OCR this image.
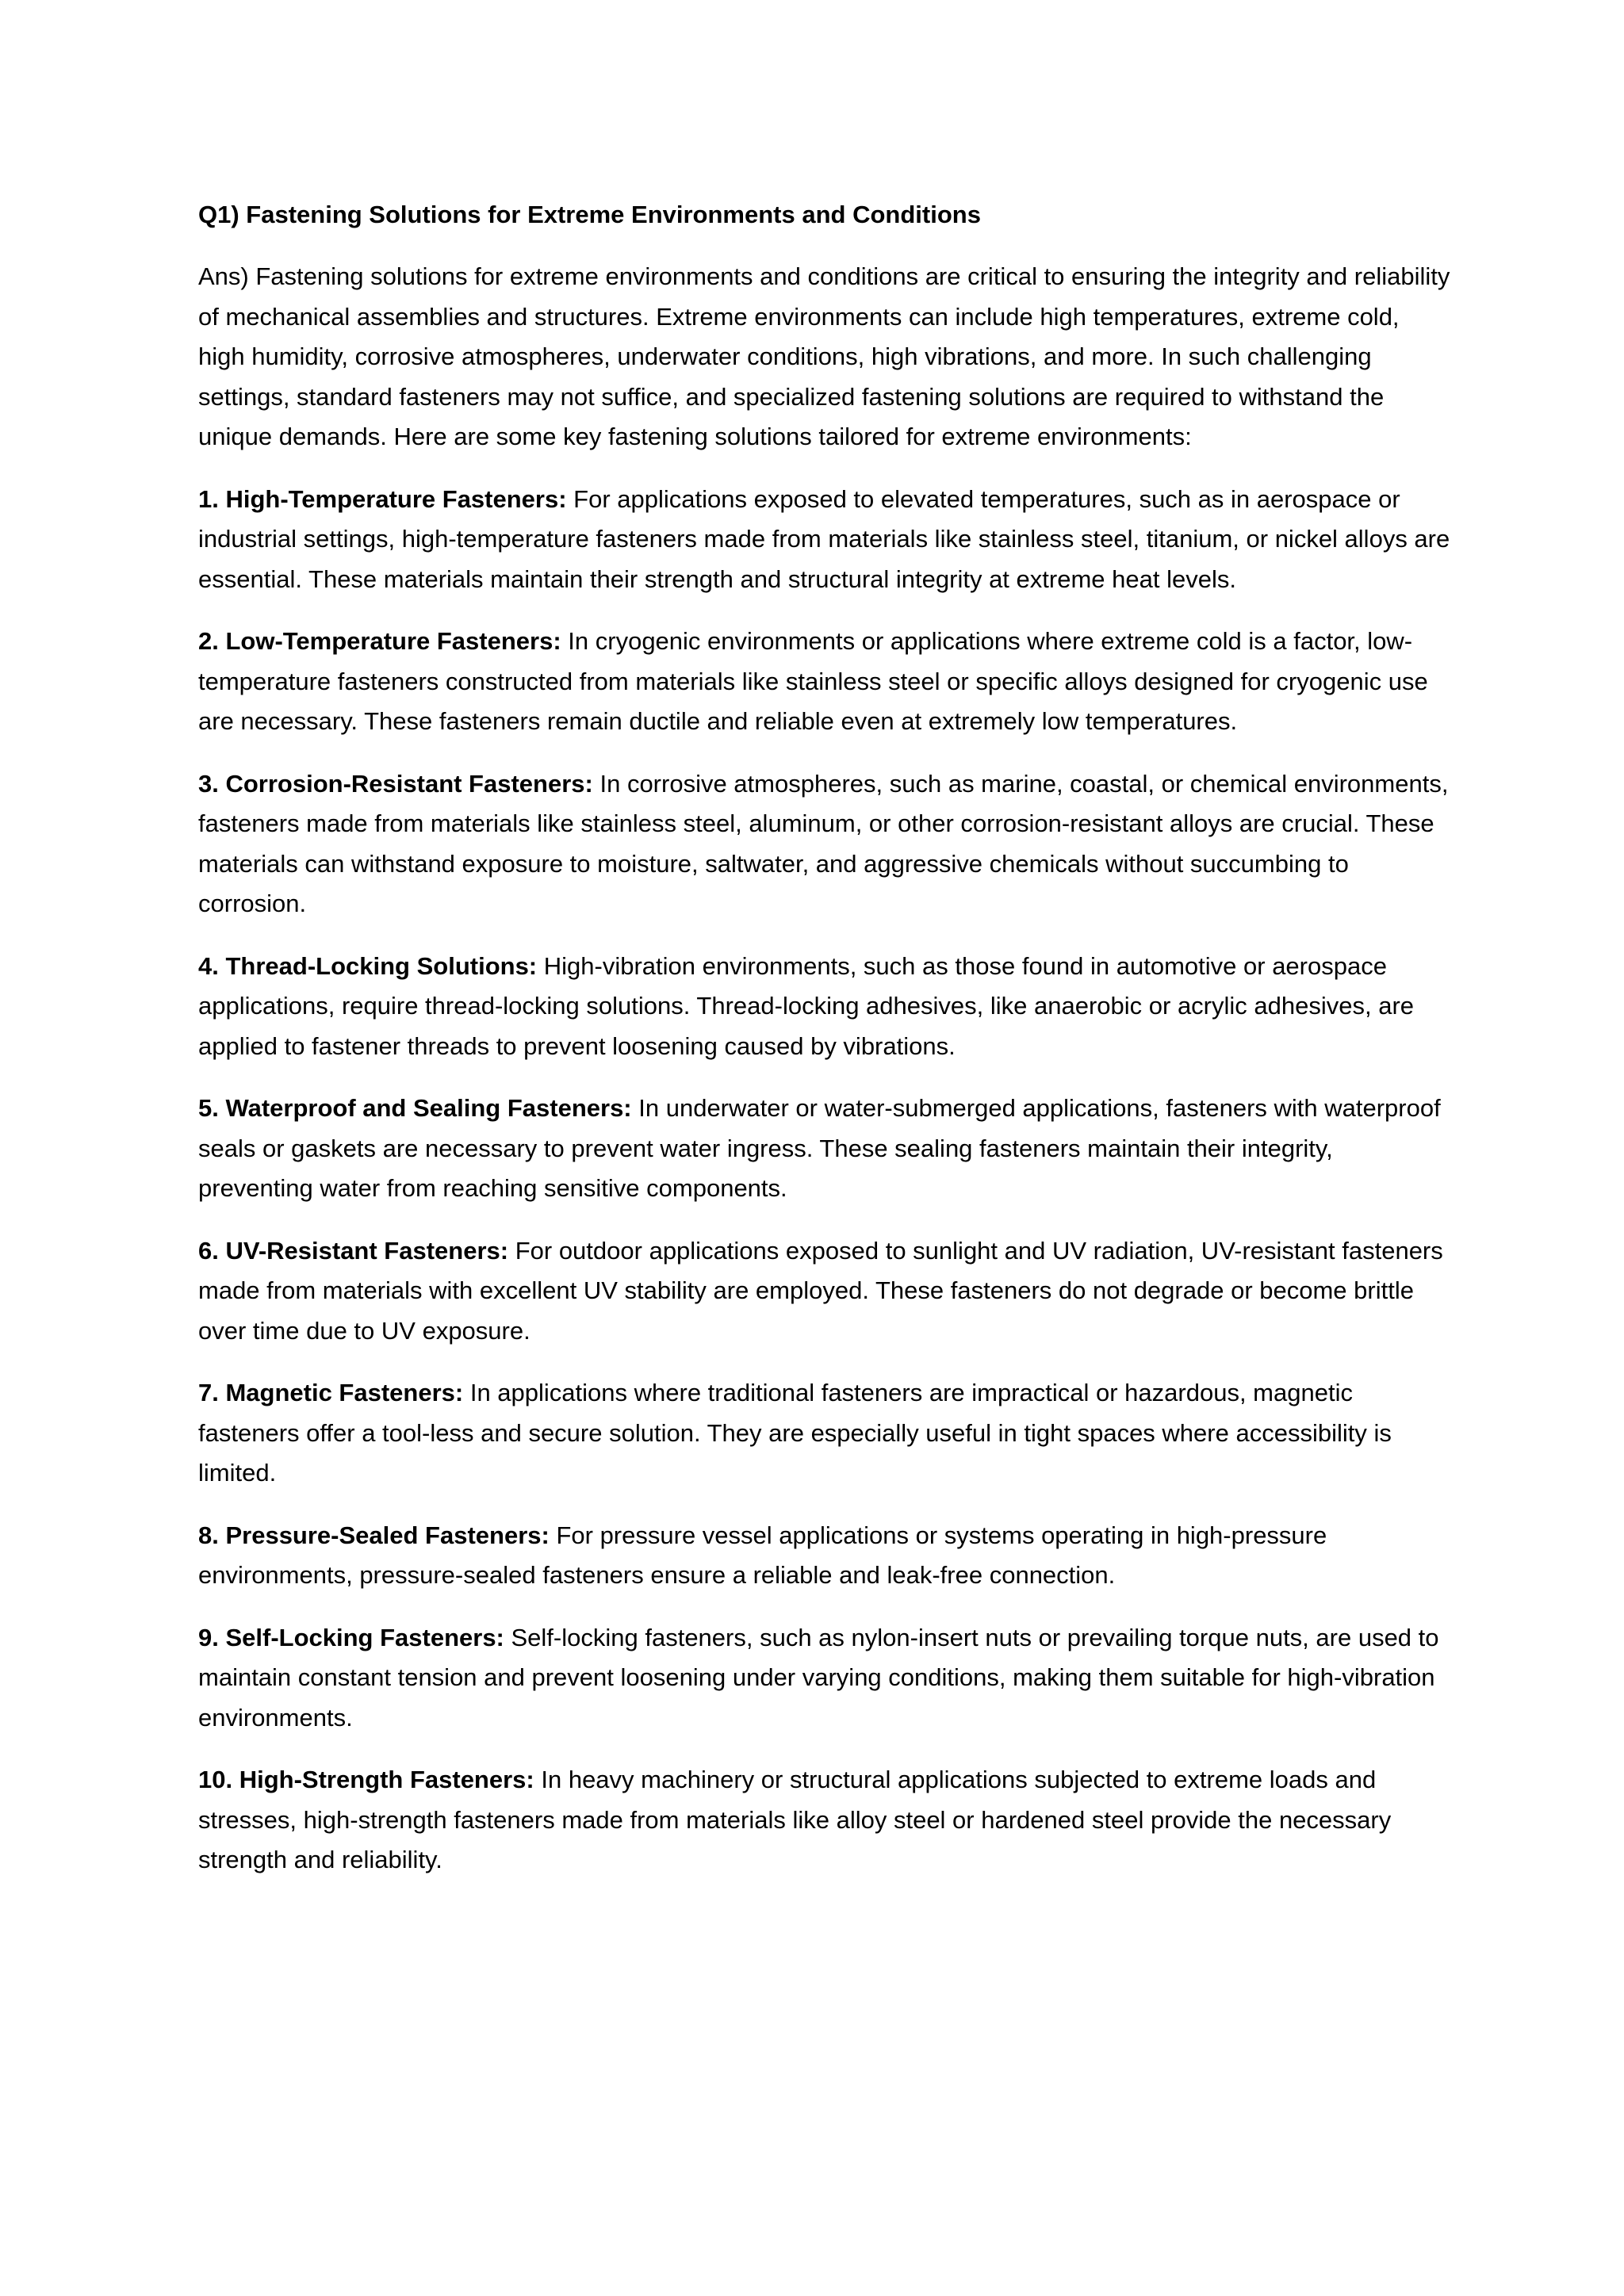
Q1) Fastening Solutions for Extreme Environments and Conditions
Ans) Fastening solutions for extreme environments and conditions are critical to ensuring the integrity and reliability of mechanical assemblies and structures. Extreme environments can include high temperatures, extreme cold, high humidity, corrosive atmospheres, underwater conditions, high vibrations, and more. In such challenging settings, standard fasteners may not suffice, and specialized fastening solutions are required to withstand the unique demands. Here are some key fastening solutions tailored for extreme environments:
1. High-Temperature Fasteners: For applications exposed to elevated temperatures, such as in aerospace or industrial settings, high-temperature fasteners made from materials like stainless steel, titanium, or nickel alloys are essential. These materials maintain their strength and structural integrity at extreme heat levels.
2. Low-Temperature Fasteners: In cryogenic environments or applications where extreme cold is a factor, low-temperature fasteners constructed from materials like stainless steel or specific alloys designed for cryogenic use are necessary. These fasteners remain ductile and reliable even at extremely low temperatures.
3. Corrosion-Resistant Fasteners: In corrosive atmospheres, such as marine, coastal, or chemical environments, fasteners made from materials like stainless steel, aluminum, or other corrosion-resistant alloys are crucial. These materials can withstand exposure to moisture, saltwater, and aggressive chemicals without succumbing to corrosion.
4. Thread-Locking Solutions: High-vibration environments, such as those found in automotive or aerospace applications, require thread-locking solutions. Thread-locking adhesives, like anaerobic or acrylic adhesives, are applied to fastener threads to prevent loosening caused by vibrations.
5. Waterproof and Sealing Fasteners: In underwater or water-submerged applications, fasteners with waterproof seals or gaskets are necessary to prevent water ingress. These sealing fasteners maintain their integrity, preventing water from reaching sensitive components.
6. UV-Resistant Fasteners: For outdoor applications exposed to sunlight and UV radiation, UV-resistant fasteners made from materials with excellent UV stability are employed. These fasteners do not degrade or become brittle over time due to UV exposure.
7. Magnetic Fasteners: In applications where traditional fasteners are impractical or hazardous, magnetic fasteners offer a tool-less and secure solution. They are especially useful in tight spaces where accessibility is limited.
8. Pressure-Sealed Fasteners: For pressure vessel applications or systems operating in high-pressure environments, pressure-sealed fasteners ensure a reliable and leak-free connection.
9. Self-Locking Fasteners: Self-locking fasteners, such as nylon-insert nuts or prevailing torque nuts, are used to maintain constant tension and prevent loosening under varying conditions, making them suitable for high-vibration environments.
10. High-Strength Fasteners: In heavy machinery or structural applications subjected to extreme loads and stresses, high-strength fasteners made from materials like alloy steel or hardened steel provide the necessary strength and reliability.
